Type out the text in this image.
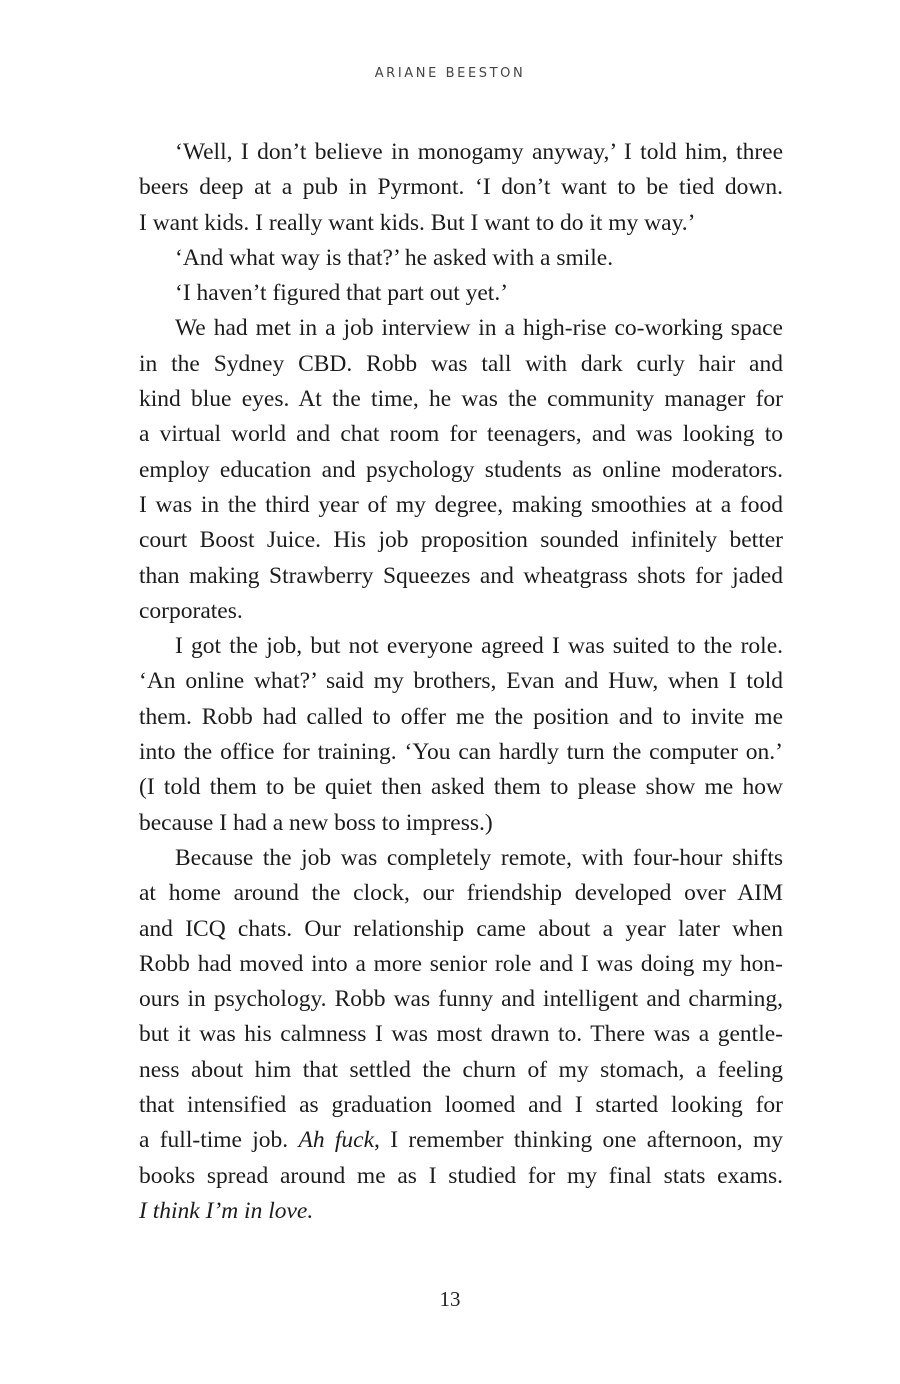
ARIANE BEESTON
‘Well, I don’t believe in monogamy anyway,’ I told him, three
beers deep at a pub in Pyrmont. ‘I don’t want to be tied down.
I want kids. I really want kids. But I want to do it my way.’
‘And what way is that?’ he asked with a smile.
‘I haven’t figured that part out yet.’
We had met in a job interview in a high-rise co-working space
in the Sydney CBD. Robb was tall with dark curly hair and
kind blue eyes. At the time, he was the community manager for
a virtual world and chat room for teenagers, and was looking to
employ education and psychology students as online moderators.
I was in the third year of my degree, making smoothies at a food
court Boost Juice. His job proposition sounded infinitely better
than making Strawberry Squeezes and wheatgrass shots for jaded
corporates.
I got the job, but not everyone agreed I was suited to the role.
‘An online what?’ said my brothers, Evan and Huw, when I told
them. Robb had called to offer me the position and to invite me
into the office for training. ‘You can hardly turn the computer on.’
(I told them to be quiet then asked them to please show me how
because I had a new boss to impress.)
Because the job was completely remote, with four-hour shifts
at home around the clock, our friendship developed over AIM
and ICQ chats. Our relationship came about a year later when
Robb had moved into a more senior role and I was doing my hon-
ours in psychology. Robb was funny and intelligent and charming,
but it was his calmness I was most drawn to. There was a gentle-
ness about him that settled the churn of my stomach, a feeling
that intensified as graduation loomed and I started looking for
a full-time job. Ah fuck, I remember thinking one afternoon, my
books spread around me as I studied for my final stats exams.
I think I’m in love.
13
